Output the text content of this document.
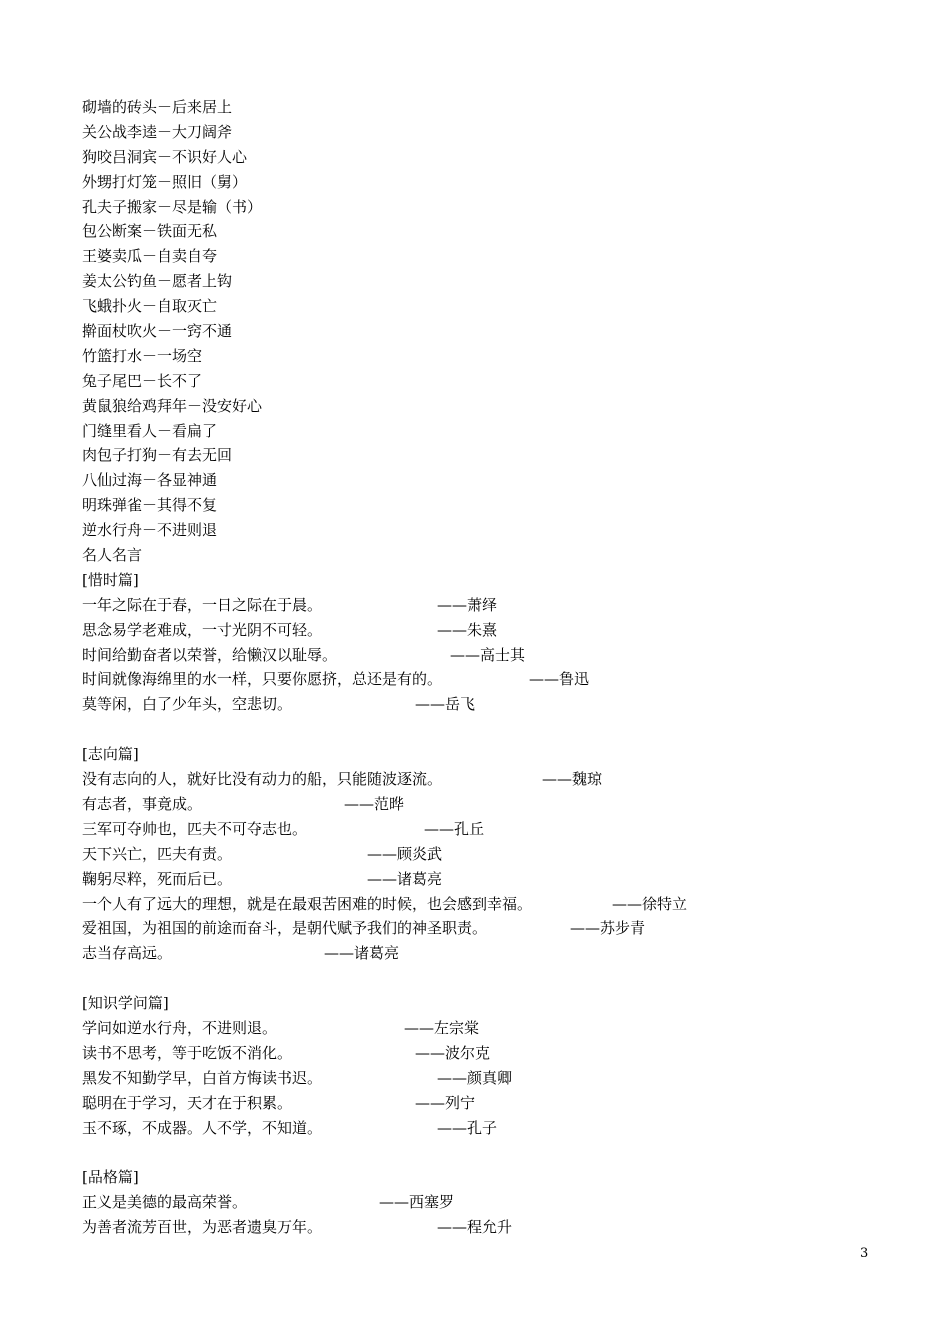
砌墙的砖头－后来居上
关公战李逵－大刀阔斧
狗咬吕洞宾－不识好人心
外甥打灯笼－照旧（舅）
孔夫子搬家－尽是输（书）
包公断案－铁面无私
王婆卖瓜－自卖自夸
姜太公钓鱼－愿者上钩
飞蛾扑火－自取灭亡
擀面杖吹火－一窍不通
竹篮打水－一场空
兔子尾巴－长不了
黄鼠狼给鸡拜年－没安好心
门缝里看人－看扁了
肉包子打狗－有去无回
八仙过海－各显神通
明珠弹雀－其得不复
逆水行舟－不进则退
名人名言
[惜时篇]
一年之际在于春，一日之际在于晨。	——萧绎
思念易学老难成，一寸光阴不可轻。	——朱熹
时间给勤奋者以荣誉，给懒汉以耻辱。	——高士其
时间就像海绵里的水一样，只要你愿挤，总还是有的。	——鲁迅
莫等闲，白了少年头，空悲切。	——岳飞
[志向篇]
没有志向的人，就好比没有动力的船，只能随波逐流。	——魏琼
有志者，事竟成。	——范晔
三军可夺帅也，匹夫不可夺志也。	——孔丘
天下兴亡，匹夫有责。	——顾炎武
鞠躬尽粹，死而后已。	——诸葛亮
一个人有了远大的理想，就是在最艰苦困难的时候，也会感到幸福。	——徐特立
爱祖国，为祖国的前途而奋斗，是朝代赋予我们的神圣职责。	——苏步青
志当存高远。	——诸葛亮
[知识学问篇]
学问如逆水行舟，不进则退。	——左宗棠
读书不思考，等于吃饭不消化。	——波尔克
黑发不知勤学早，白首方悔读书迟。	——颜真卿
聪明在于学习，天才在于积累。	——列宁
玉不琢，不成器。人不学，不知道。	——孔子
[品格篇]
正义是美德的最高荣誉。	——西塞罗
为善者流芳百世，为恶者遗臭万年。	——程允升
3
